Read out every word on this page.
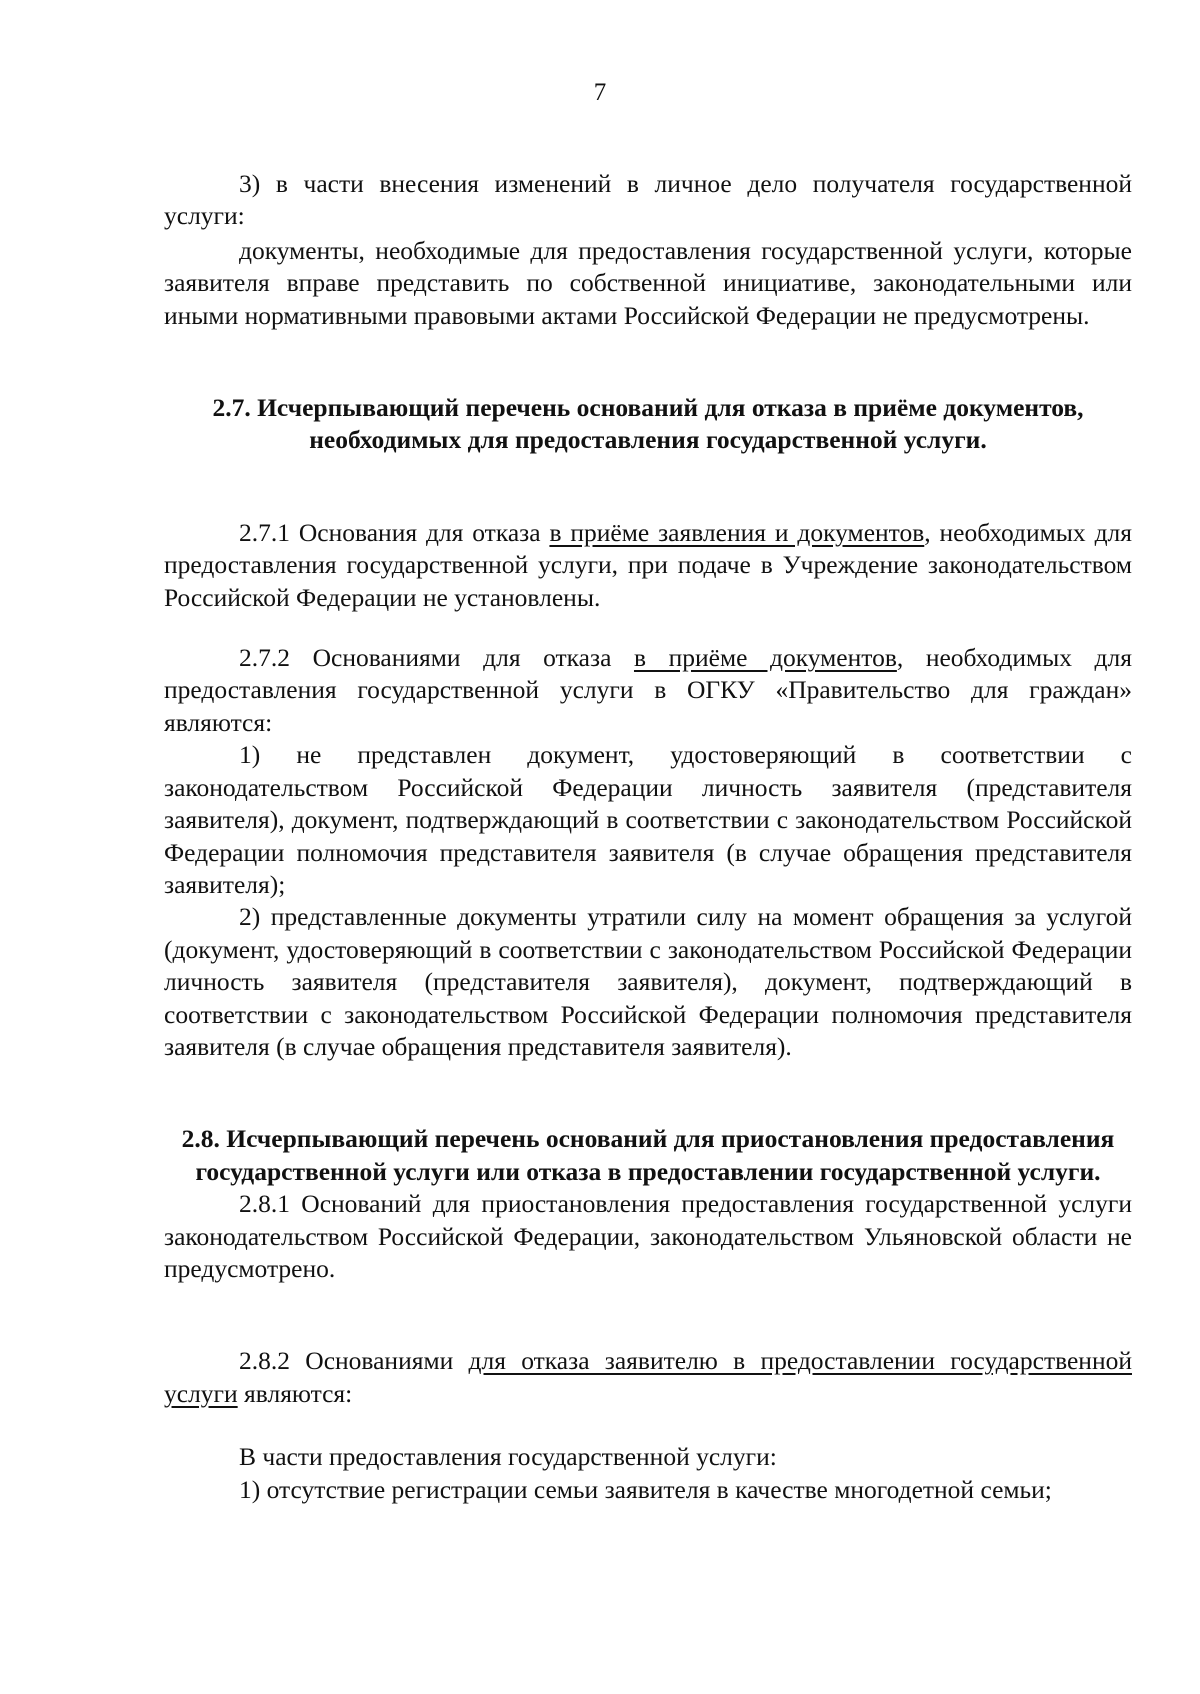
7

3) в части внесения изменений в личное дело получателя государственной услуги:

документы, необходимые для предоставления государственной услуги, которые заявителя вправе представить по собственной инициативе, законодательными или иными нормативными правовыми актами Российской Федерации не предусмотрены.

2.7. Исчерпывающий перечень оснований для отказа в приёме документов, необходимых для предоставления государственной услуги.

2.7.1 Основания для отказа в приёме заявления и документов, необходимых для предоставления государственной услуги, при подаче в Учреждение законодательством Российской Федерации не установлены.

2.7.2 Основаниями для отказа в приёме документов, необходимых для предоставления государственной услуги в ОГКУ «Правительство для граждан» являются:

1) не представлен документ, удостоверяющий в соответствии с законодательством Российской Федерации личность заявителя (представителя заявителя), документ, подтверждающий в соответствии с законодательством Российской Федерации полномочия представителя заявителя (в случае обращения представителя заявителя);

2) представленные документы утратили силу на момент обращения за услугой (документ, удостоверяющий в соответствии с законодательством Российской Федерации личность заявителя (представителя заявителя), документ, подтверждающий в соответствии с законодательством Российской Федерации полномочия представителя заявителя (в случае обращения представителя заявителя).

2.8. Исчерпывающий перечень оснований для приостановления предоставления государственной услуги или отказа в предоставлении государственной услуги.

2.8.1 Оснований для приостановления предоставления государственной услуги законодательством Российской Федерации, законодательством Ульяновской области не предусмотрено.

2.8.2 Основаниями для отказа заявителю в предоставлении государственной услуги являются:

В части предоставления государственной услуги:

1) отсутствие регистрации семьи заявителя в качестве многодетной семьи;
